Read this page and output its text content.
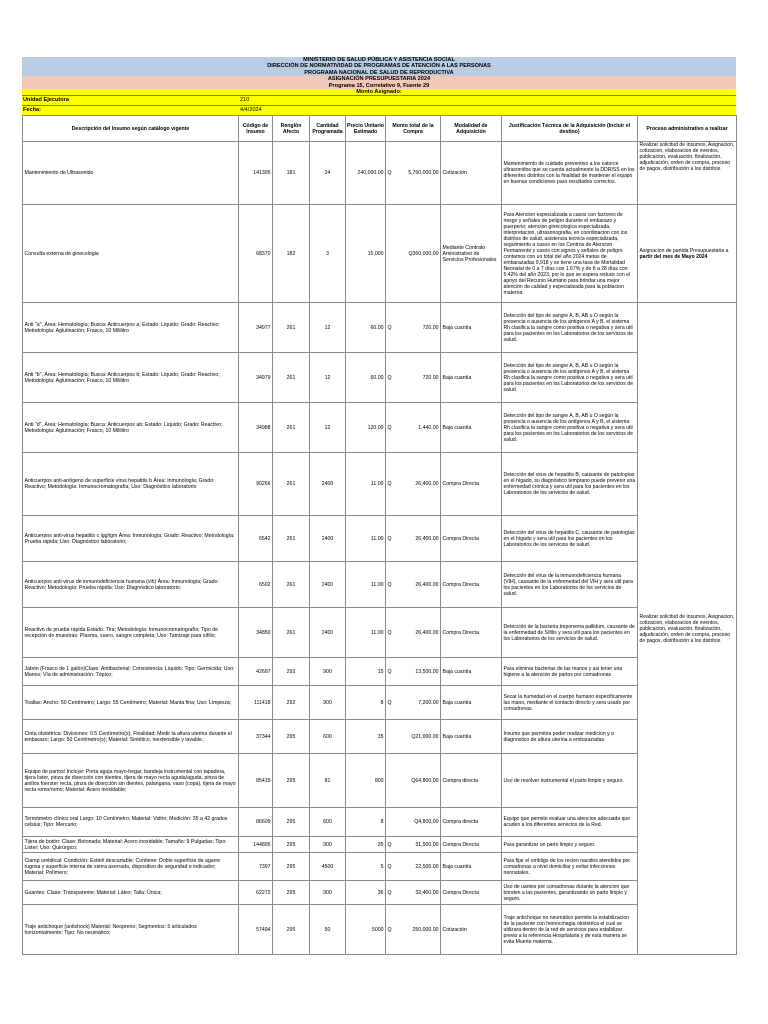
MINISTERIO DE SALUD PÚBLICA Y ASISTENCIA SOCIAL
DIRECCIÓN DE NORMATIVIDAD DE PROGRAMAS DE ATENCIÓN A LAS PERSONAS
PROGRAMA NACIONAL DE SALUD DE REPRODUCTIVA
ASIGNACIÓN PRESUPUESTARIA 2024
Programa 15, Correlativo 9, Fuente 29
Monto Asignado:
Unidad Ejecutora	210
Fecha:	4/4/2024
Descripción del Insumo según catálogo vigente	Código de Insumo	Renglón Afecto	Cantidad Programada	Precio Unitario Estimado	Monto total de la Compra	Modalidad de Adquisición	Justificación Técnica de la Adquisición (Incluir el destino)	Proceso administrativo a realizar
Mantenimiento de Ultrasonido	141395	181	24	240,000.00	Q 5,760,000.00	Cotización	Mantenimiento de cuidado preventivo a los catorce ultrasonidos que se cuenta actualmente la DDRISS en los diferentes distritos con la finalidad de mantener el equipo en buenas condiciones para resultados correctos.	Realizar solicitud de insumos, Asignacion, cotizacion, elaboracion de eventos, publicacion, evaluación, finalización, adjudicación, orden de compra, proceso de pagos, distribución a los distritos.
Consulta externa de ginecologia	68370	182	3	15,000	Q360,000.00	Mediante Contrato Aministrativo de Servicios Profesionales	Para Atencion especializada a casos con factores de riesgo y señales de peligro durante el embarazo y puerperio; atencion ginecologica especializada, interpretacion, ultrasonografia, en coordinacion con los distritos de salud, asistencia tecnica especializada, seguimiento a casos en los Centros de Atencion Permanente y casos con signos y señales de peligro contamos con un total del año 2024 metas de embarazadas 9,918 y se tiene una tasa de Mortalidad Neonatal de 0 a 7 días con 1.67% y de 8 a 28 días con 5.42% del año 2023, por lo que se espera reducir con el apoyo del Recurso Humano para brindar una mejor atención de calidad y especializada para la poblacion materna.	Asignacion de partida Presupuestaria a partir del mes de Mayo 2024
Anti "a", Área: Hematología; Busca: Anticuerpos a; Estado: Liquido; Grado: Reactivo; Metodología: Aglutinación; Frasco, 10 Mililitro	34977	261	12	60.00	Q 720.00	Baja cuantía	Detección del tipo de sangre A, B, AB u O según la presencia o ausencia de los antígenos A y B, el sistema Rh clasifica la sangre como positiva o negativa y sera util para los pacientes en los Laboratorios de los servicios de salud.	Realizar solicitud de insumos, Asignacion, cotizacion, elaboracion de eventos, publicacion, evaluación, finalización, adjudicación, orden de compra, proceso de pagos, distribución a los distritos.
Anti "b", Área: Hematología; Busca: Anticuerpos b; Estado: Liquido; Grado: Reactivo; Metodología: Aglutinación; Frasco, 10 Mililitro	34979	261	12	60.00	Q 720.00	Baja cuantía	Detección del tipo de sangre A, B, AB u O según la presencia o ausencia de los antígenos A y B, el sistema Rh clasifica la sangre como positiva o negativa y sera util para los pacientes en los Laboratorios de los servicios de salud.	
Anti "d", Área: Hematología; Busca: Anticuerpos ab; Estado: Liquido; Grado: Reactivo; Metodología: Aglutinación; Frasco, 10 Mililitro	34988	261	12	120.00	Q 1,440.00	Baja cuantía	Detección del tipo de sangre A, B, AB u O según la presencia o ausencia de los antígenos A y B, el sistema Rh clasifica la sangre como positiva o negativa y sera util para los pacientes en los Laboratorios de los servicios de salud.	
Anticuerpos anti-antígeno de superficie virus hepatitis b Área: Inmunología; Grado: Reactivo; Metodología: Inmunocromatografía; Uso: Diagnóstico laboratorio	90266	261	2400	11.00	Q 26,400.00	Compra Directa	Detección del virus de hepatitis B, causante de patologías en el hígado, su diagnóstico temprano puede prevenir una enfermedad crónica y sera util para los pacientes en los Laboratorios de los servicios de salud.	
Anticuerpos anti-virus hepatitis c igg/igm Área: Inmunología; Grado: Reactivo; Metodología: Prueba rápida; Uso: Diagnóstico laboratorio;	6542	261	2400	11.00	Q 26,400.00	Compra Directa	Detección del virus de hepatitis C, causante de patologías en el hígado y sera util para los pacientes en los Laboratorios de los servicios de salud.	
Anticuerpos anti-virus de inmunodeficiencia humana (vih) Área: Inmunología; Grado: Reactivo; Metodología: Prueba rápida; Uso: Diagnóstico laboratorio;	6502	261	2400	11.00	Q 26,400.00	Compra Directa	Detección del virus de la inmunodeficiencia humana (VIH), causante de la enfermedad del VIH y sera util para los pacientes en los Laboratorios de los servicios de salud.	
Reactivo de prueba rápida Estado: Tira; Metodología: Inmunocromatografía; Tipo de recepción de muestras: Plasma, suero, sangre completa; Uso: Tamizaje para sífilis;	34850	261	2400	11.00	Q 26,400.00	Compra Directa	Detección de la bacteria treponema pallidum, causante de la enfermedad de Sífilis y sera util para los pacientes en los Laboratorios de los servicios de salud.	
Jabón (Frasco de 1 galón)Clase: Antibacterial; Consistencia: Liquido; Tipo: Germicida; Uso: Manos; Vía de administración: Tópico;	42697	292	900	15	Q 13,500.00	Baja cuantía	Para eliminar bacterias de las manos y asi tener una higiene a la atencion de partos por comadronas	
Toallas: Ancho: 50 Centímetro; Largo: 55 Centímetro; Material: Manta fina; Uso: Limpieza;	111418	292	900	8	Q 7,200.00	Baja cuantía	Secar la humedad en el cuerpo humano especificamente las mano, mediante el contacto directo y sera usado por comadronas.	
Cinta obstétrica: Divisiones: 0.5 Centímetro(s); Finalidad: Medir la altura uterina durante el embarazo; Largo: 50 Centímetro(s); Material: Sintético, inextensible y lavable.;	37344	295	600	35	Q21,000.00	Baja cuantía	Insumo que permitira poder realizar medicion y o diagnostico de altura uterina a embarazadas.	
Equipo de partos/ Incluye: Porta aguja mayo-hegar, bandeja instrumental con tapadera, tijera lister, pinza de disección con dientes, tijera de mayo recta aguda/aguda, pinza de anillos foerster recta, pinza de disección sin dientes, palangana, vaso (copa), tijera de mayo recta romo/romo; Material: Acero inoxidable;	85415	295	81	800	Q64,800.00	Compra directa	Uso de resolver instrumental el parto limpio y seguro.	
Termómetro clínico oral Largo: 10 Centímetro; Material: Vidrio; Medición: 35 a 42 grados celsius; Tipo: Mercurio;	86609	295	600	8	Q4,800.00	Compra directa	Equipo que permite evaluar una atencion adecuada que acuden a los diferentes servicios de la Red.	
Tijera de botón: Clase: Botonada; Material: Acero inoxidable; Tamaño: 9 Pulgadas; Tipo: Lister; Uso: Quirúrgico;	144895	295	900	35	Q 31,500.00	Compra Directa	Para garantizar un parto limpio y seguro.	
Clamp umbilical: Condición: Estéril descartable; Contiene: Doble superficie de agarre rugosa y superficie interna de sierra aserrada, dispositivo de seguridad e indicador; Material: Polímero;	7397	295	4500	5	Q 22,500.00	Baja cuantía	Para fijar el ombligo de los recien nacidos atendidos por comadronas a nivel domiciliar y evitar infecciones neonatales.	
Guantes: Clase: Transparente; Material: Látex; Talla: Única;	62272	295	900	36	Q 32,400.00	Compra Directa	Uso de uantes por comadronas durante la atencion que brinden a las pacientes, garantizando un parto limpio y seguro.	
Traje antichoque (antishock) Material: Neopreno; Segmentos: 5 articulados horizontalmente; Tipo: No neumático;	57494	295	50	5000	Q 250,000.00	Cotización	Traje antichoque no neumático permite la estabilizacion de la paciente con hemocmagia obstetrica el cual se utilizara dentro de la red de servicios para estabilizar previo a la referencia Hospitalaria y de esta manera se evita Muerte materna.	
